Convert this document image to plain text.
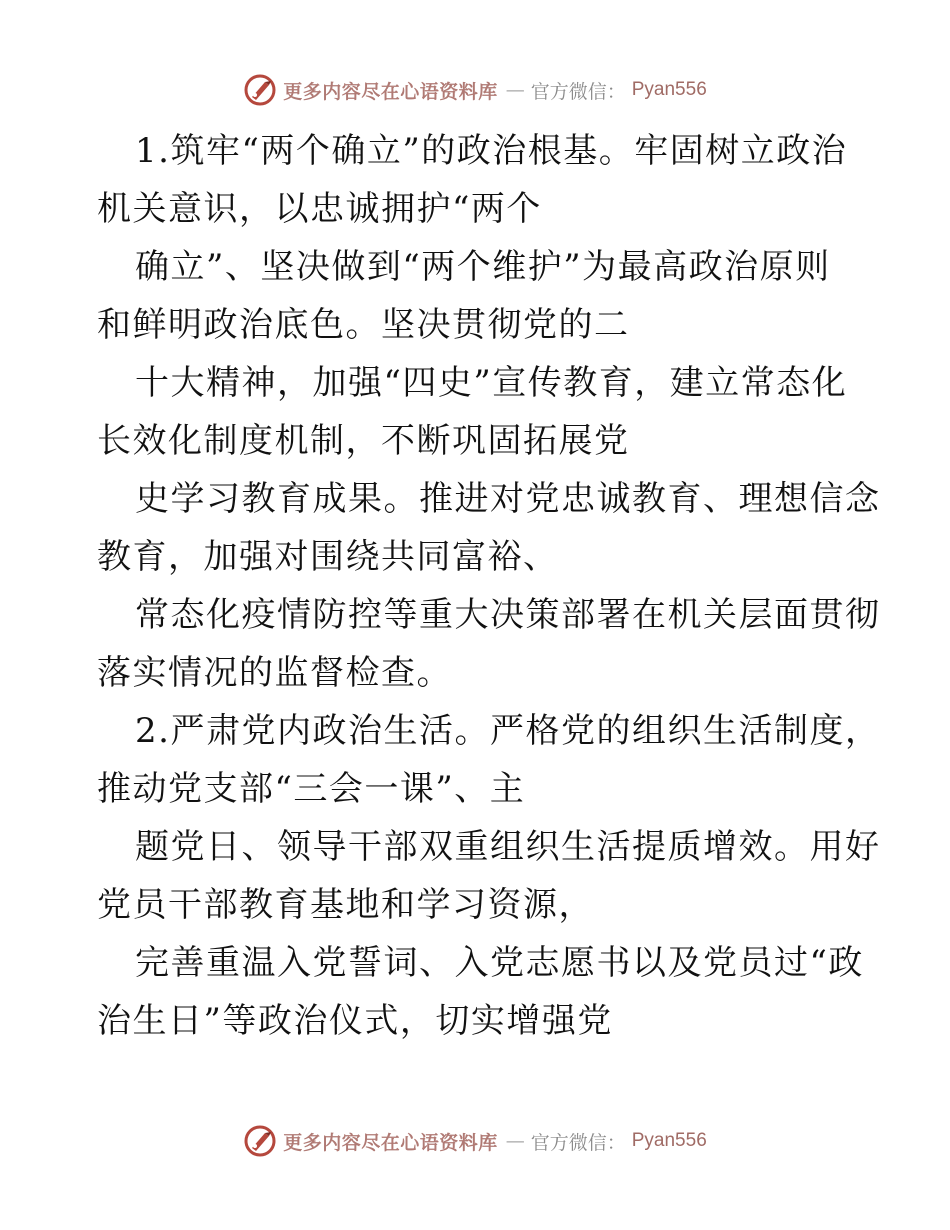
更多内容尽在心语资料库 — 官方微信： Pyan556
1.筑牢“两个确立”的政治根基。牢固树立政治
机关意识，以忠诚拥护“两个
确立”、坚决做到“两个维护”为最高政治原则
和鲜明政治底色。坚决贯彻党的二
十大精神，加强“四史”宣传教育，建立常态化
长效化制度机制，不断巩固拓展党
史学习教育成果。推进对党忠诚教育、理想信念
教育，加强对围绕共同富裕、
常态化疫情防控等重大决策部署在机关层面贯彻
落实情况的监督检查。
2.严肃党内政治生活。严格党的组织生活制度，
推动党支部“三会一课”、主
题党日、领导干部双重组织生活提质增效。用好
党员干部教育基地和学习资源，
完善重温入党誓词、入党志愿书以及党员过“政
治生日”等政治仪式，切实增强党
更多内容尽在心语资料库 — 官方微信： Pyan556
